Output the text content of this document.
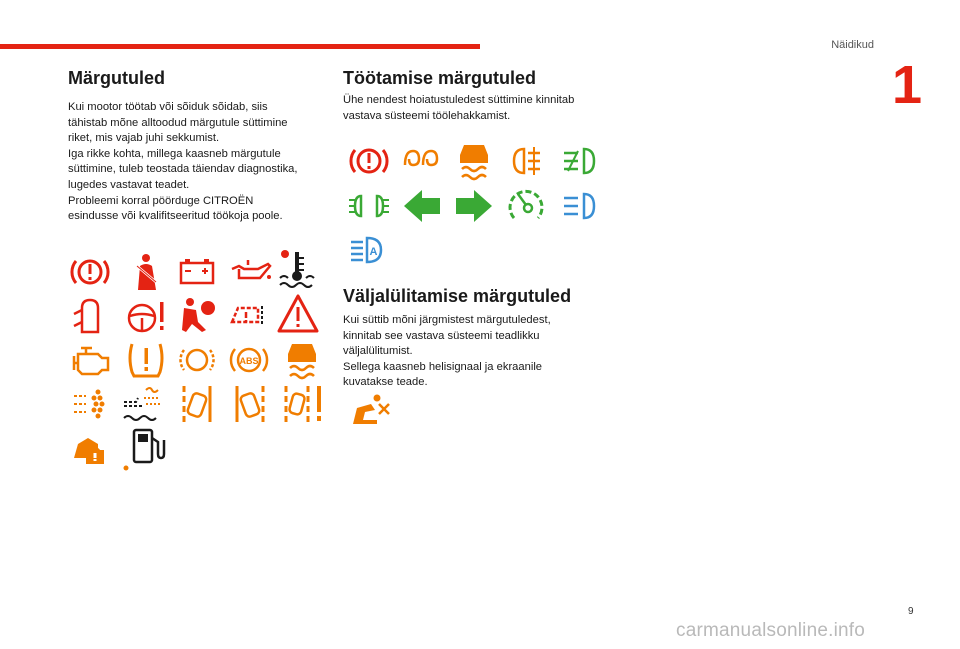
Näidikud
1
Märgutuled
Kui mootor töötab või sõiduk sõidab, siis
tähistab mõne alltoodud märgutule süttimine
riket, mis vajab juhi sekkumist.
Iga rikke kohta, millega kaasneb märgutule
süttimine, tuleb teostada täiendav diagnostika,
lugedes vastavat teadet.
Probleemi korral pöörduge CITROËN
esindusse või kvalifitseeritud töökoja poole.
ABS
Töötamise märgutuled
Ühe nendest hoiatustuledest süttimine kinnitab
vastava süsteemi töölehakkamist.
A
Väljalülitamise märgutuled
Kui süttib mõni järgmistest märgutuledest,
kinnitab see vastava süsteemi teadlikku
väljalülitumist.
Sellega kaasneb helisignaal ja ekraanile
kuvatakse teade.
9
carmanualsonline.info
